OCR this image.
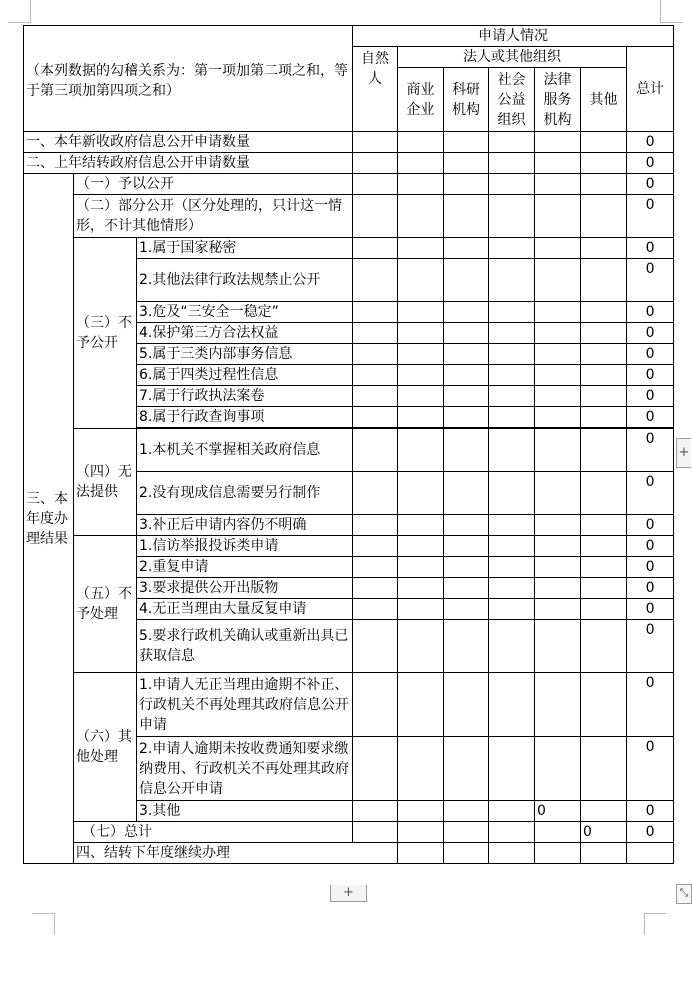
（本列数据的勾稽关系为：第一项加第二项之和，等于第三项加第四项之和）			申请人情况							
			自然人	法人或其他组织					总计	
				商业企业	科研机构	社会公益组织	法律服务机构	其他		
一、本年新收政府信息公开申请数量									0	
二、上年结转政府信息公开申请数量									0	
三、本年度办理结果	（一）予以公开								0	
	（二）部分公开（区分处理的，只计这一情形，不计其他情形）								0	
	（三）不予公开	1.属于国家秘密							0	
		2.其他法律行政法规禁止公开							0	
		3.危及“三安全一稳定”							0	
		4.保护第三方合法权益							0	
		5.属于三类内部事务信息							0	
		6.属于四类过程性信息							0	
		7.属于行政执法案卷							0	
		8.属于行政查询事项							0	

	（四）无法提供	1.本机关不掌握相关政府信息							0	
		2.没有现成信息需要另行制作							0	
		3.补正后申请内容仍不明确							0	
	（五）不予处理	1.信访举报投诉类申请							0	
		2.重复申请							0	
		3.要求提供公开出版物							0	
		4.无正当理由大量反复申请							0	
		5.要求行政机关确认或重新出具已获取信息							0	
	（六）其他处理	1.申请人无正当理由逾期不补正、行政机关不再处理其政府信息公开申请							0	
		2.申请人逾期未按收费通知要求缴纳费用、行政机关不再处理其政府信息公开申请							0	
		3.其他					0		0	
	（七）总计							0	0	
	四、结转下年度继续办理							
+
+	⤡
